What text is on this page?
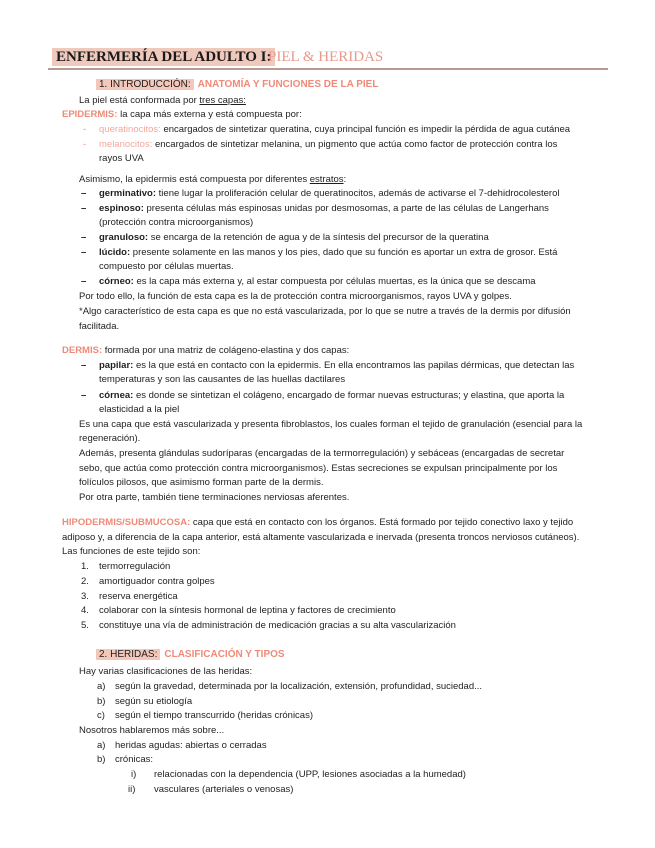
ENFERMERÍA DEL ADULTO I:
PIEL & HERIDAS
1. INTRODUCCIÓN: ANATOMÍA Y FUNCIONES DE LA PIEL
La piel está conformada por tres capas:
EPIDERMIS: la capa más externa y está compuesta por:
- queratinocitos: encargados de sintetizar queratina, cuya principal función es impedir la pérdida de agua cutánea
- melanocitos: encargados de sintetizar melanina, un pigmento que actúa como factor de protección contra los
rayos UVA
Asimismo, la epidermis está compuesta por diferentes estratos:
– germinativo: tiene lugar la proliferación celular de queratinocitos, además de activarse el 7-dehidrocolesterol
– espinoso: presenta células más espinosas unidas por desmosomas, a parte de las células de Langerhans
(protección contra microorganismos)
– granuloso: se encarga de la retención de agua y de la síntesis del precursor de la queratina
– lúcido: presente solamente en las manos y los pies, dado que su función es aportar un extra de grosor. Está
compuesto por células muertas.
– córneo: es la capa más externa y, al estar compuesta por células muertas, es la única que se descama
Por todo ello, la función de esta capa es la de protección contra microorganismos, rayos UVA y golpes.
*Algo característico de esta capa es que no está vascularizada, por lo que se nutre a través de la dermis por difusión
facilitada.
DERMIS: formada por una matriz de colágeno-elastina y dos capas:
– papilar: es la que está en contacto con la epidermis. En ella encontramos las papilas dérmicas, que detectan las
temperaturas y son las causantes de las huellas dactilares
– córnea: es donde se sintetizan el colágeno, encargado de formar nuevas estructuras; y elastina, que aporta la
elasticidad a la piel
Es una capa que está vascularizada y presenta fibroblastos, los cuales forman el tejido de granulación (esencial para la
regeneración).
Además, presenta glándulas sudoríparas (encargadas de la termorregulación) y sebáceas (encargadas de secretar
sebo, que actúa como protección contra microorganismos). Estas secreciones se expulsan principalmente por los
folículos pilosos, que asimismo forman parte de la dermis.
Por otra parte, también tiene terminaciones nerviosas aferentes.
HIPODERMIS/SUBMUCOSA: capa que está en contacto con los órganos. Está formado por tejido conectivo laxo y tejido
adiposo y, a diferencia de la capa anterior, está altamente vascularizada e inervada (presenta troncos nerviosos cutáneos).
Las funciones de este tejido son:
1. termorregulación
2. amortiguador contra golpes
3. reserva energética
4. colaborar con la síntesis hormonal de leptina y factores de crecimiento
5. constituye una vía de administración de medicación gracias a su alta vascularización
2. HERIDAS: CLASIFICACIÓN Y TIPOS
Hay varias clasificaciones de las heridas:
a) según la gravedad, determinada por la localización, extensión, profundidad, suciedad...
b) según su etiología
c) según el tiempo transcurrido (heridas crónicas)
Nosotros hablaremos más sobre...
a) heridas agudas: abiertas o cerradas
b) crónicas:
i) relacionadas con la dependencia (UPP, lesiones asociadas a la humedad)
ii) vasculares (arteriales o venosas)
